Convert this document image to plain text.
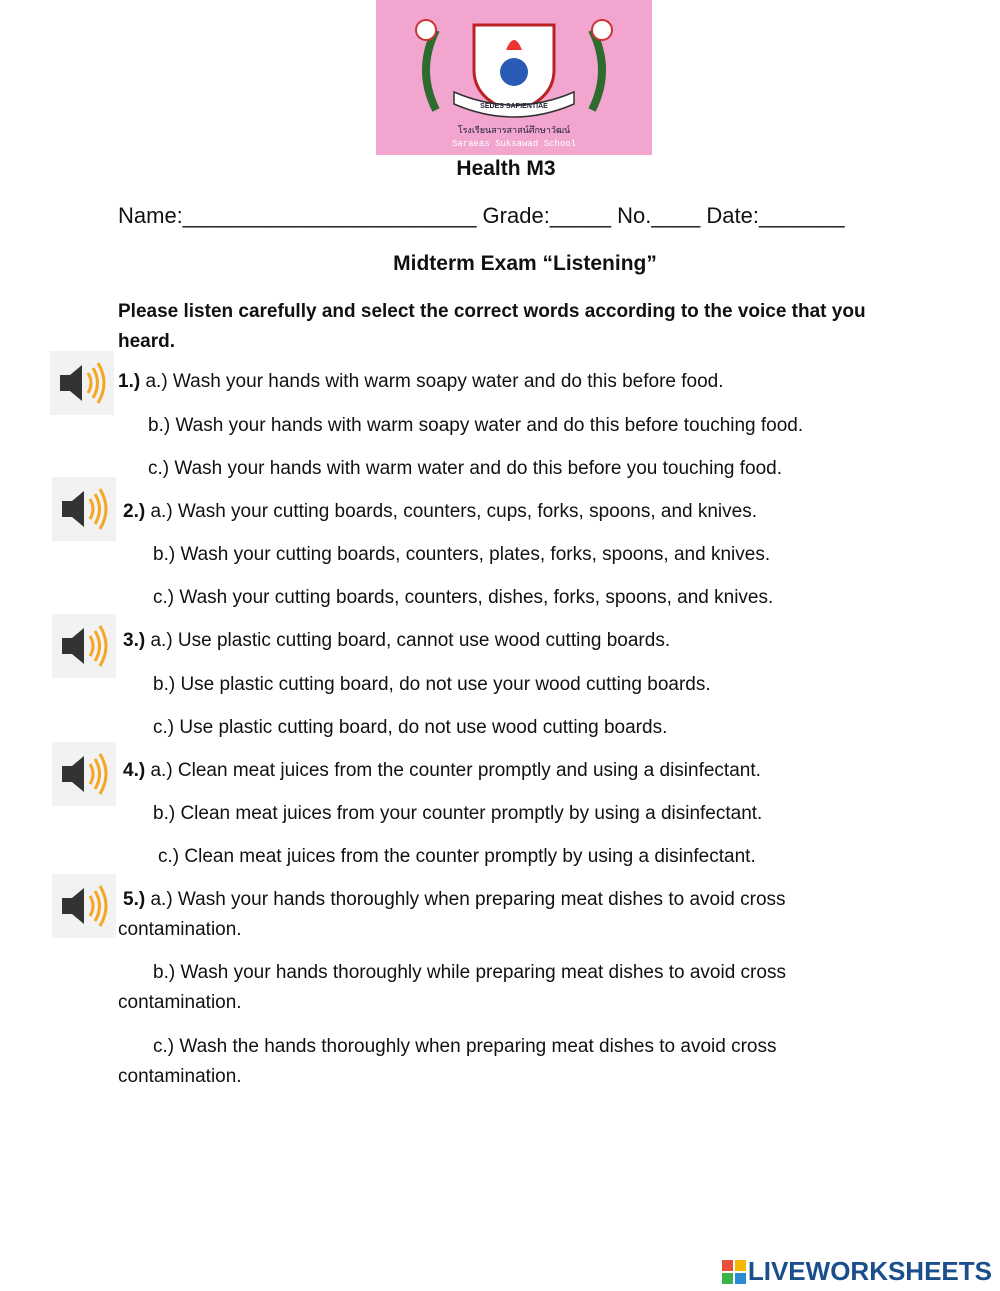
SEDES SAPIENTIAE
โรงเรียนสารสาสน์ศึกษาวัฒน์
Saraeas Suksawad School
Health M3
Name:________________________ Grade:_____ No.____ Date:_______
Midterm Exam “Listening”
Please listen carefully and select the correct words according to the voice that you heard.
1.) a.) Wash your hands with warm soapy water and do this before food.
b.) Wash your hands with warm soapy water and do this before touching food.
c.) Wash your hands with warm water and do this before you touching food.
2.) a.) Wash your cutting boards, counters, cups, forks, spoons, and knives.
b.) Wash your cutting boards, counters, plates, forks, spoons, and knives.
c.) Wash your cutting boards, counters, dishes, forks, spoons, and knives.
3.) a.) Use plastic cutting board, cannot use wood cutting boards.
b.) Use plastic cutting board, do not use your wood cutting boards.
c.) Use plastic cutting board, do not use wood cutting boards.
4.) a.) Clean meat juices from the counter promptly and using a disinfectant.
b.) Clean meat juices from your counter promptly by using a disinfectant.
c.) Clean meat juices from the counter promptly by using a disinfectant.
5.) a.) Wash your hands thoroughly when preparing meat dishes to avoid cross contamination.
b.) Wash your hands thoroughly while preparing meat dishes to avoid cross contamination.
c.) Wash the hands thoroughly when preparing meat dishes to avoid cross contamination.
LIVEWORKSHEETS
